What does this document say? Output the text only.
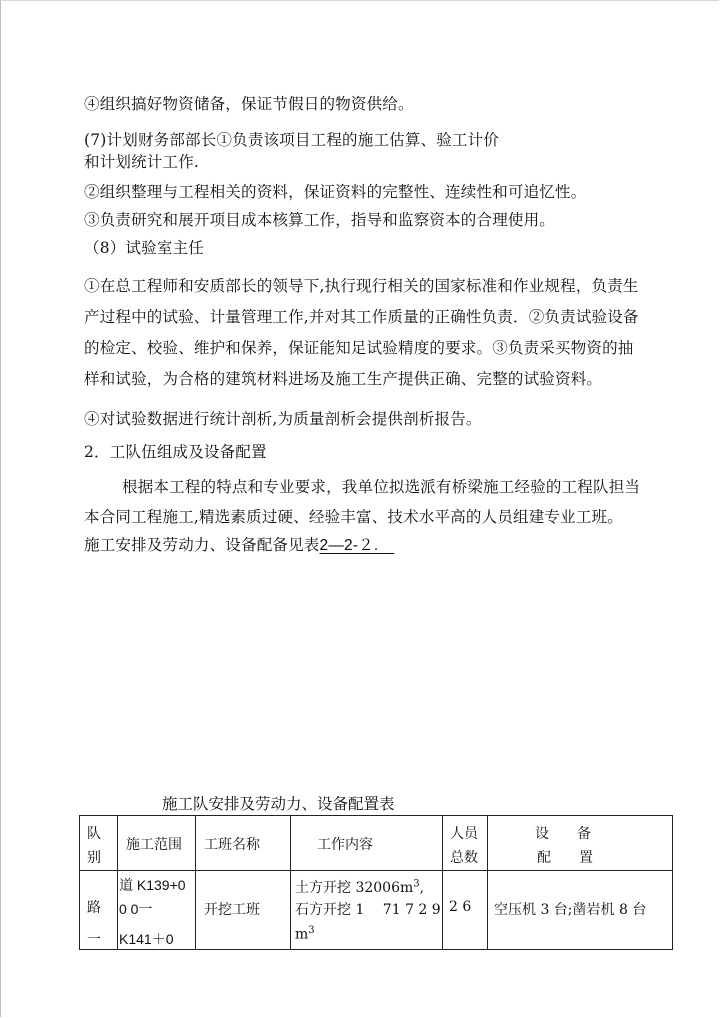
④组织搞好物资储备，保证节假日的物资供给。
(7)计划财务部部长①负责该项目工程的施工估算、验工计价
和计划统计工作.
②组织整理与工程相关的资料，保证资料的完整性、连续性和可追忆性。
③负责研究和展开项目成本核算工作，指导和监察资本的合理使用。
（8）试验室主任
①在总工程师和安质部长的领导下,执行现行相关的国家标准和作业规程，负责生
产过程中的试验、计量管理工作,并对其工作质量的正确性负责．②负责试验设备
的检定、校验、维护和保养，保证能知足试验精度的要求。③负责采买物资的抽
样和试验，为合格的建筑材料进场及施工生产提供正确、完整的试验资料。
④对试验数据进行统计剖析,为质量剖析会提供剖析报告。
2．工队伍组成及设备配置
根据本工程的特点和专业要求，我单位拟选派有桥梁施工经验的工程队担当
本合同工程施工,精选素质过硬、经验丰富、技术水平高的人员组建专业工班。
施工安排及劳动力、设备配备见表2—2-２.　
施工队安排及劳动力、设备配置表
队
别	施工范围	工班名称	工作内容	人员
总数	设　　备
配　　置

路
一	道 K139+0
0 0一
K141＋0	开挖工班	土方开挖 $32006m^3$,
石方开挖 1　 71 7 2 9
$m^3$	2 6	空压机 3 台;凿岩机 8 台
